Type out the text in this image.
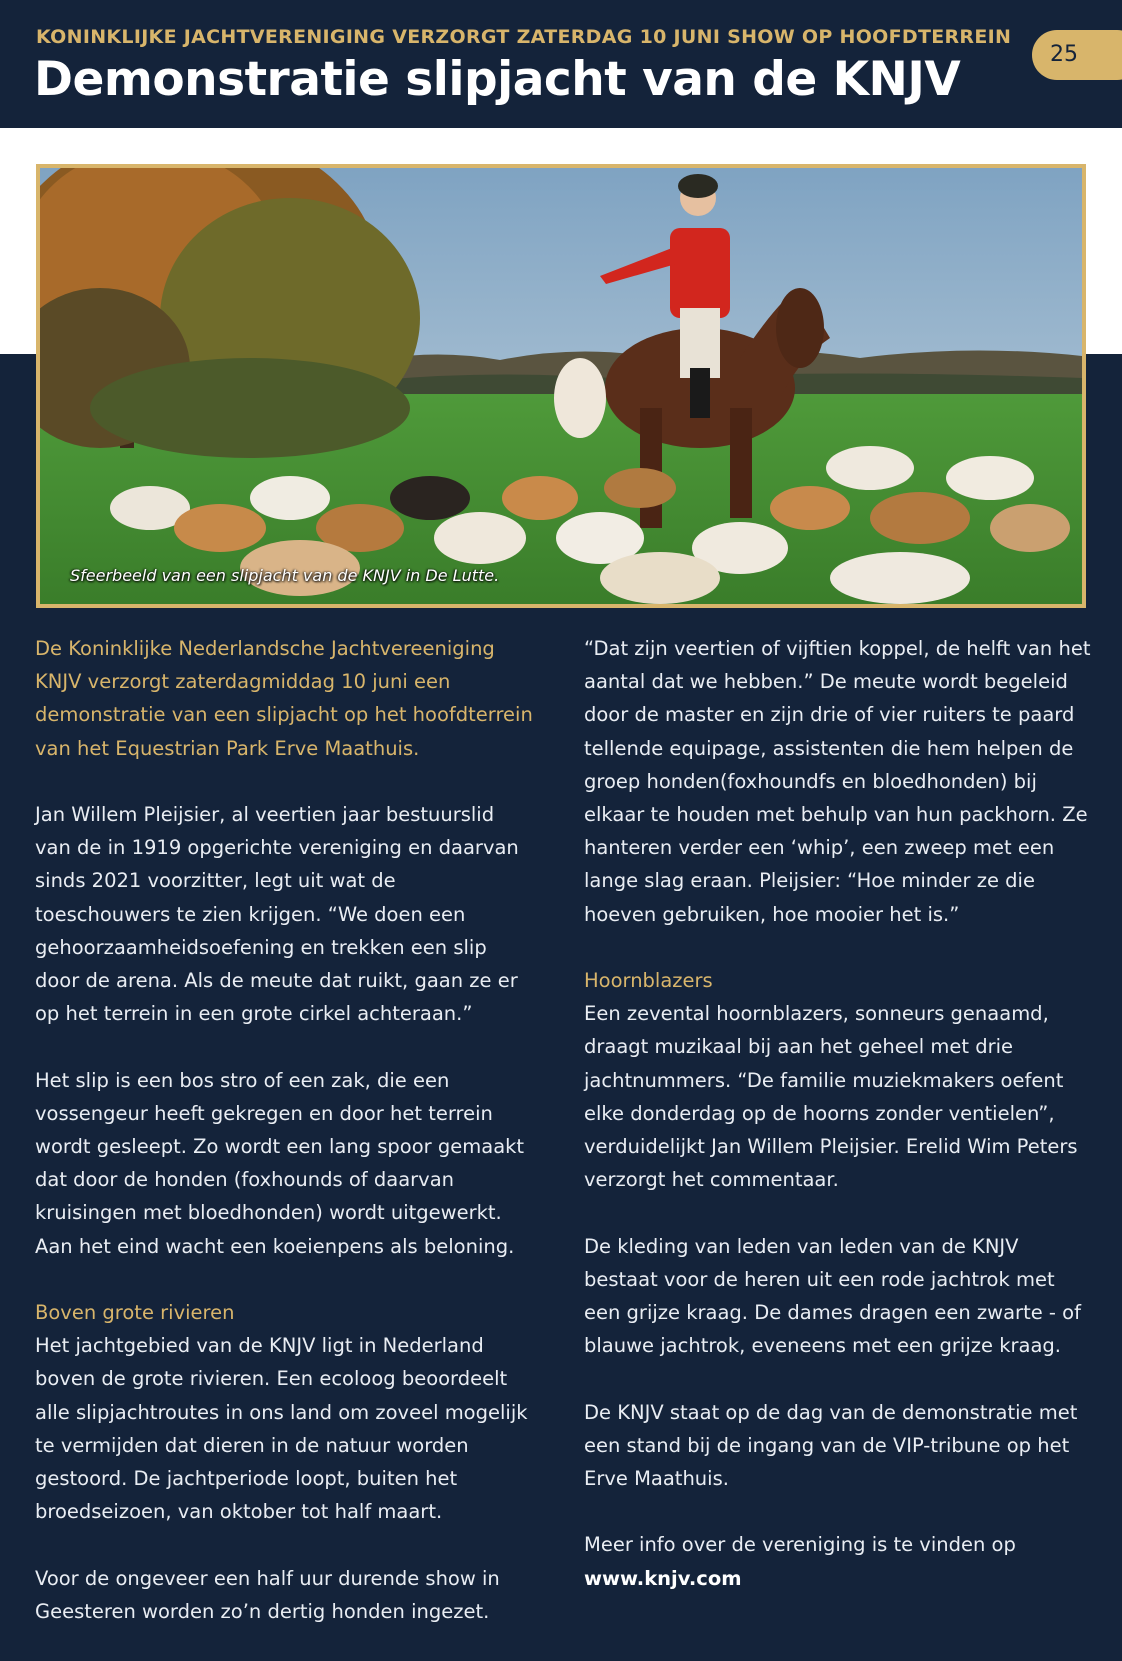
KONINKLIJKE JACHTVERENIGING VERZORGT ZATERDAG 10 JUNI SHOW OP HOOFDTERREIN
Demonstratie slipjacht van de KNJV	25
Sfeerbeeld van een slipjacht van de KNJV in De Lutte.

De Koninklijke Nederlandsche Jachtvereeniging KNJV verzorgt zaterdagmiddag 10 juni een demonstratie van een slipjacht op het hoofdterrein van het Equestrian Park Erve Maathuis.

Jan Willem Pleijsier, al veertien jaar bestuurslid van de in 1919 opgerichte vereniging en daarvan sinds 2021 voorzitter, legt uit wat de toeschouwers te zien krijgen. “We doen een gehoorzaamheidsoefening en trekken een slip door de arena. Als de meute dat ruikt, gaan ze er op het terrein in een grote cirkel achteraan.”

Het slip is een bos stro of een zak, die een vossengeur heeft gekregen en door het terrein wordt gesleept. Zo wordt een lang spoor gemaakt dat door de honden (foxhounds of daarvan kruisingen met bloedhonden) wordt uitgewerkt. Aan het eind wacht een koeienpens als beloning.

Boven grote rivieren

Het jachtgebied van de KNJV ligt in Nederland boven de grote rivieren. Een ecoloog beoordeelt alle slipjachtroutes in ons land om zoveel mogelijk te vermijden dat dieren in de natuur worden gestoord. De jachtperiode loopt, buiten het broedseizoen, van oktober tot half maart.

Voor de ongeveer een half uur durende show in Geesteren worden zo’n dertig honden ingezet.

“Dat zijn veertien of vijftien koppel, de helft van het aantal dat we hebben.” De meute wordt begeleid door de master en zijn drie of vier ruiters te paard tellende equipage, assistenten die hem helpen de groep honden(foxhoundfs en bloedhonden) bij elkaar te houden met behulp van hun packhorn. Ze hanteren verder een ‘whip’, een zweep met een lange slag eraan. Pleijsier: “Hoe minder ze die hoeven gebruiken, hoe mooier het is.”

Hoornblazers

Een zevental hoornblazers, sonneurs genaamd, draagt muzikaal bij aan het geheel met drie jachtnummers. “De familie muziekmakers oefent elke donderdag op de hoorns zonder ventielen”, verduidelijkt Jan Willem Pleijsier. Erelid Wim Peters verzorgt het commentaar.

De kleding van leden van leden van de KNJV bestaat voor de heren uit een rode jachtrok met een grijze kraag. De dames dragen een zwarte - of blauwe jachtrok, eveneens met een grijze kraag.

De KNJV staat op de dag van de demonstratie met een stand bij de ingang van de VIP-tribune op het Erve Maathuis.

Meer info over de vereniging is te vinden op
www.knjv.com
